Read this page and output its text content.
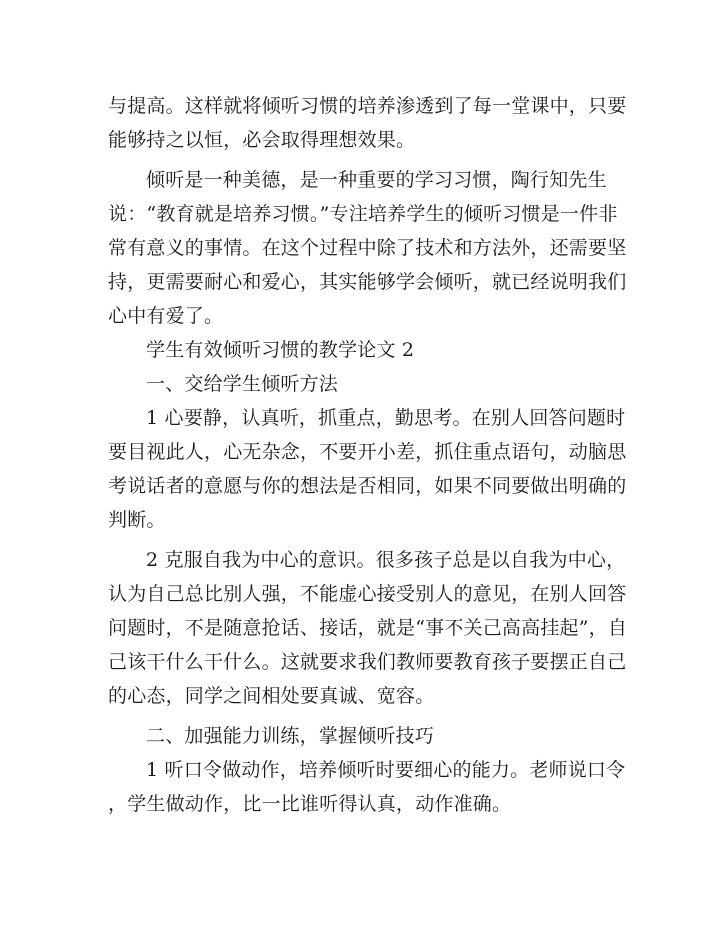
与提高。这样就将倾听习惯的培养渗透到了每一堂课中，只要
能够持之以恒，必会取得理想效果。
倾听是一种美德，是一种重要的学习习惯，陶行知先生
说：“教育就是培养习惯。”专注培养学生的倾听习惯是一件非
常有意义的事情。在这个过程中除了技术和方法外，还需要坚
持，更需要耐心和爱心，其实能够学会倾听，就已经说明我们
心中有爱了。
学生有效倾听习惯的教学论文 2
一、交给学生倾听方法
1 心要静，认真听，抓重点，勤思考。在别人回答问题时
要目视此人，心无杂念，不要开小差，抓住重点语句，动脑思
考说话者的意愿与你的想法是否相同，如果不同要做出明确的
判断。
2 克服自我为中心的意识。很多孩子总是以自我为中心，
认为自己总比别人强，不能虚心接受别人的意见，在别人回答
问题时，不是随意抢话、接话，就是“事不关己高高挂起”，自
己该干什么干什么。这就要求我们教师要教育孩子要摆正自己
的心态，同学之间相处要真诚、宽容。
二、加强能力训练，掌握倾听技巧
1 听口令做动作，培养倾听时要细心的能力。老师说口令
，学生做动作，比一比谁听得认真，动作准确。
